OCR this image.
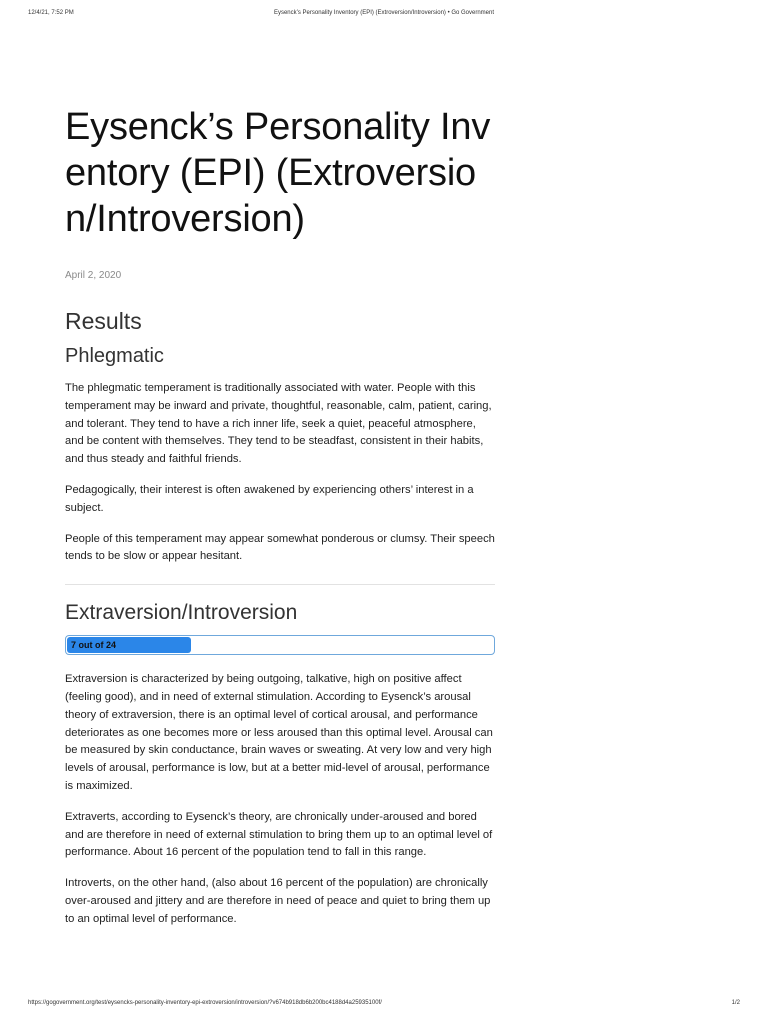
12/4/21, 7:52 PM	Eysenck’s Personality Inventory (EPI) (Extroversion/Introversion) • Go Government
Eysenck’s Personality Inventory (EPI) (Extroversion/Introversion)
April 2, 2020
Results
Phlegmatic

The phlegmatic temperament is traditionally associated with water. People with this temperament may be inward and private, thoughtful, reasonable, calm, patient, caring, and tolerant. They tend to have a rich inner life, seek a quiet, peaceful atmosphere, and be content with themselves. They tend to be steadfast, consistent in their habits, and thus steady and faithful friends.

Pedagogically, their interest is often awakened by experiencing others’ interest in a subject.

People of this temperament may appear somewhat ponderous or clumsy. Their speech tends to be slow or appear hesitant.

Extraversion/Introversion
7 out of 24

Extraversion is characterized by being outgoing, talkative, high on positive affect (feeling good), and in need of external stimulation. According to Eysenck’s arousal theory of extraversion, there is an optimal level of cortical arousal, and performance deteriorates as one becomes more or less aroused than this optimal level. Arousal can be measured by skin conductance, brain waves or sweating. At very low and very high levels of arousal, performance is low, but at a better mid-level of arousal, performance is maximized.

Extraverts, according to Eysenck’s theory, are chronically under-aroused and bored and are therefore in need of external stimulation to bring them up to an optimal level of performance. About 16 percent of the population tend to fall in this range.

Introverts, on the other hand, (also about 16 percent of the population) are chronically over-aroused and jittery and are therefore in need of peace and quiet to bring them up to an optimal level of performance.

https://gogovernment.org/test/eysencks-personality-inventory-epi-extroversion/introversion/?v674b918db6b200bc4188d4a25935100f/	1/2
